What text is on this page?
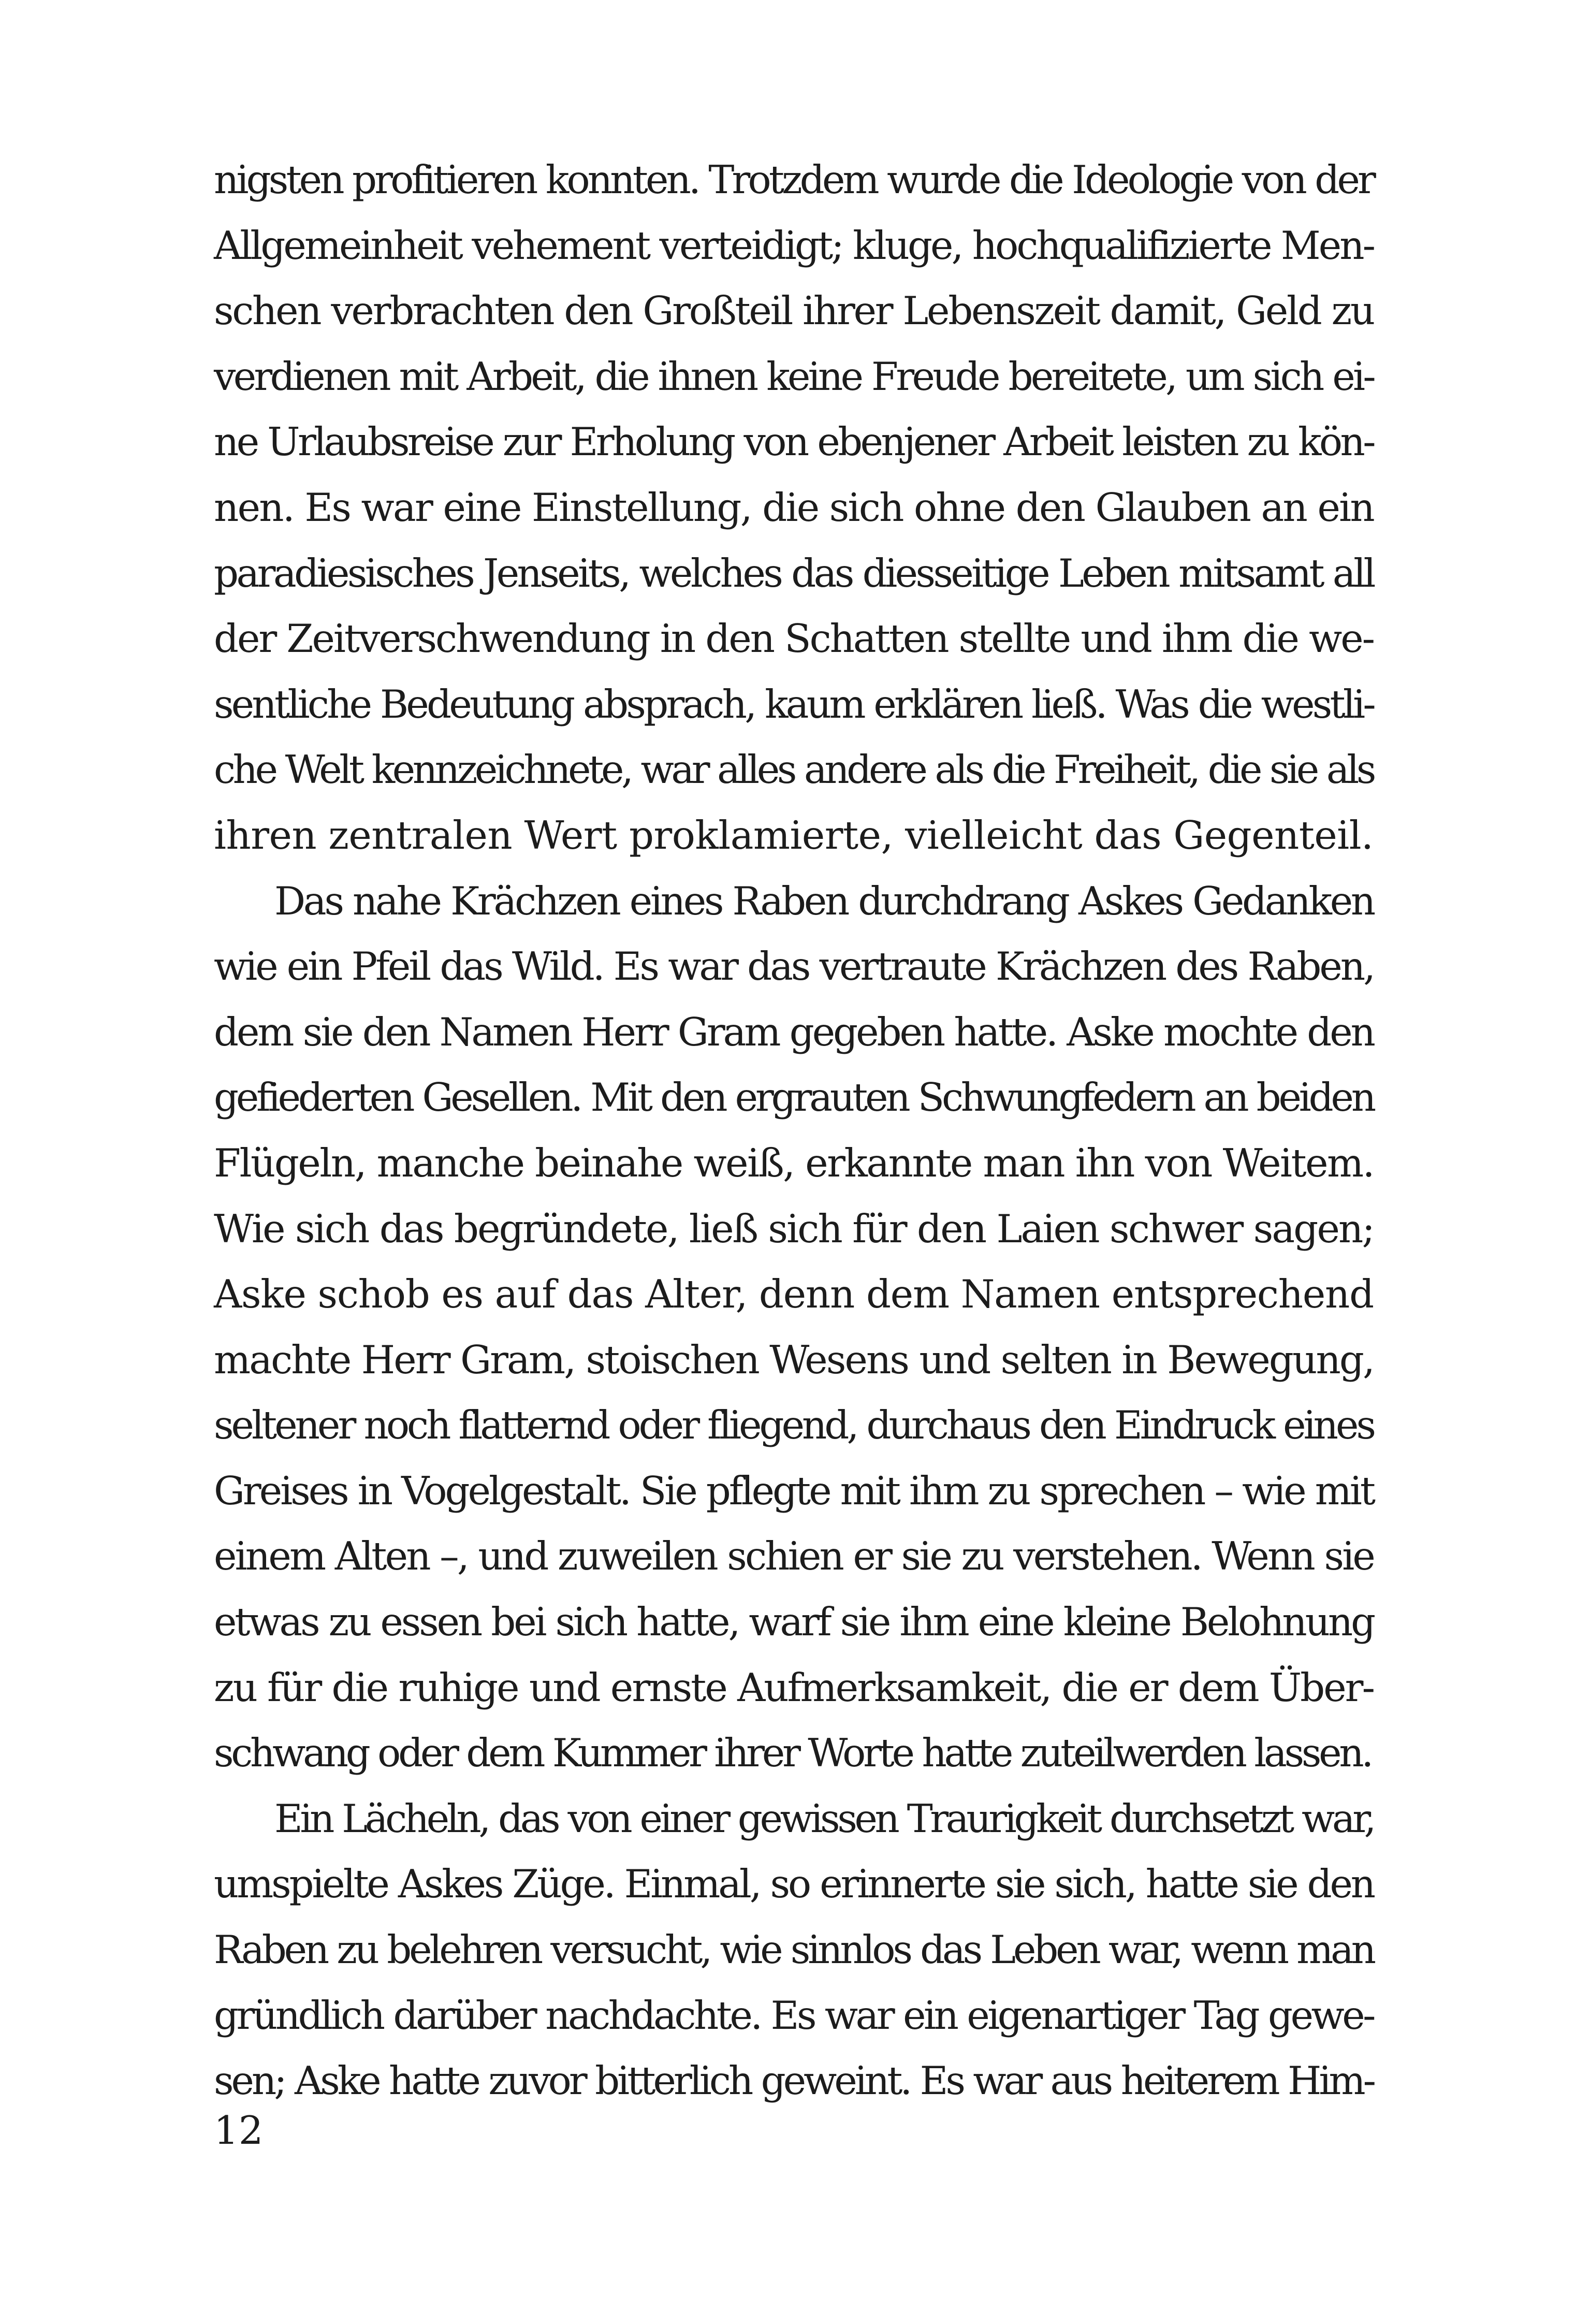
nigsten profitieren konnten. Trotzdem wurde die Ideologie von der
Allgemeinheit vehement verteidigt; kluge, hochqualifizierte Men-
schen verbrachten den Großteil ihrer Lebenszeit damit, Geld zu
verdienen mit Arbeit, die ihnen keine Freude bereitete, um sich ei-
ne Urlaubsreise zur Erholung von ebenjener Arbeit leisten zu kön-
nen. Es war eine Einstellung, die sich ohne den Glauben an ein
paradiesisches Jenseits, welches das diesseitige Leben mitsamt all
der Zeitverschwendung in den Schatten stellte und ihm die we-
sentliche Bedeutung absprach, kaum erklären ließ. Was die westli-
che Welt kennzeichnete, war alles andere als die Freiheit, die sie als
ihren zentralen Wert proklamierte, vielleicht das Gegenteil.
Das nahe Krächzen eines Raben durchdrang Askes Gedanken
wie ein Pfeil das Wild. Es war das vertraute Krächzen des Raben,
dem sie den Namen Herr Gram gegeben hatte. Aske mochte den
gefiederten Gesellen. Mit den ergrauten Schwungfedern an beiden
Flügeln, manche beinahe weiß, erkannte man ihn von Weitem.
Wie sich das begründete, ließ sich für den Laien schwer sagen;
Aske schob es auf das Alter, denn dem Namen entsprechend
machte Herr Gram, stoischen Wesens und selten in Bewegung,
seltener noch flatternd oder fliegend, durchaus den Eindruck eines
Greises in Vogelgestalt. Sie pflegte mit ihm zu sprechen – wie mit
einem Alten –, und zuweilen schien er sie zu verstehen. Wenn sie
etwas zu essen bei sich hatte, warf sie ihm eine kleine Belohnung
zu für die ruhige und ernste Aufmerksamkeit, die er dem Über-
schwang oder dem Kummer ihrer Worte hatte zuteilwerden lassen.
Ein Lächeln, das von einer gewissen Traurigkeit durchsetzt war,
umspielte Askes Züge. Einmal, so erinnerte sie sich, hatte sie den
Raben zu belehren versucht, wie sinnlos das Leben war, wenn man
gründlich darüber nachdachte. Es war ein eigenartiger Tag gewe-
sen; Aske hatte zuvor bitterlich geweint. Es war aus heiterem Him-
12
